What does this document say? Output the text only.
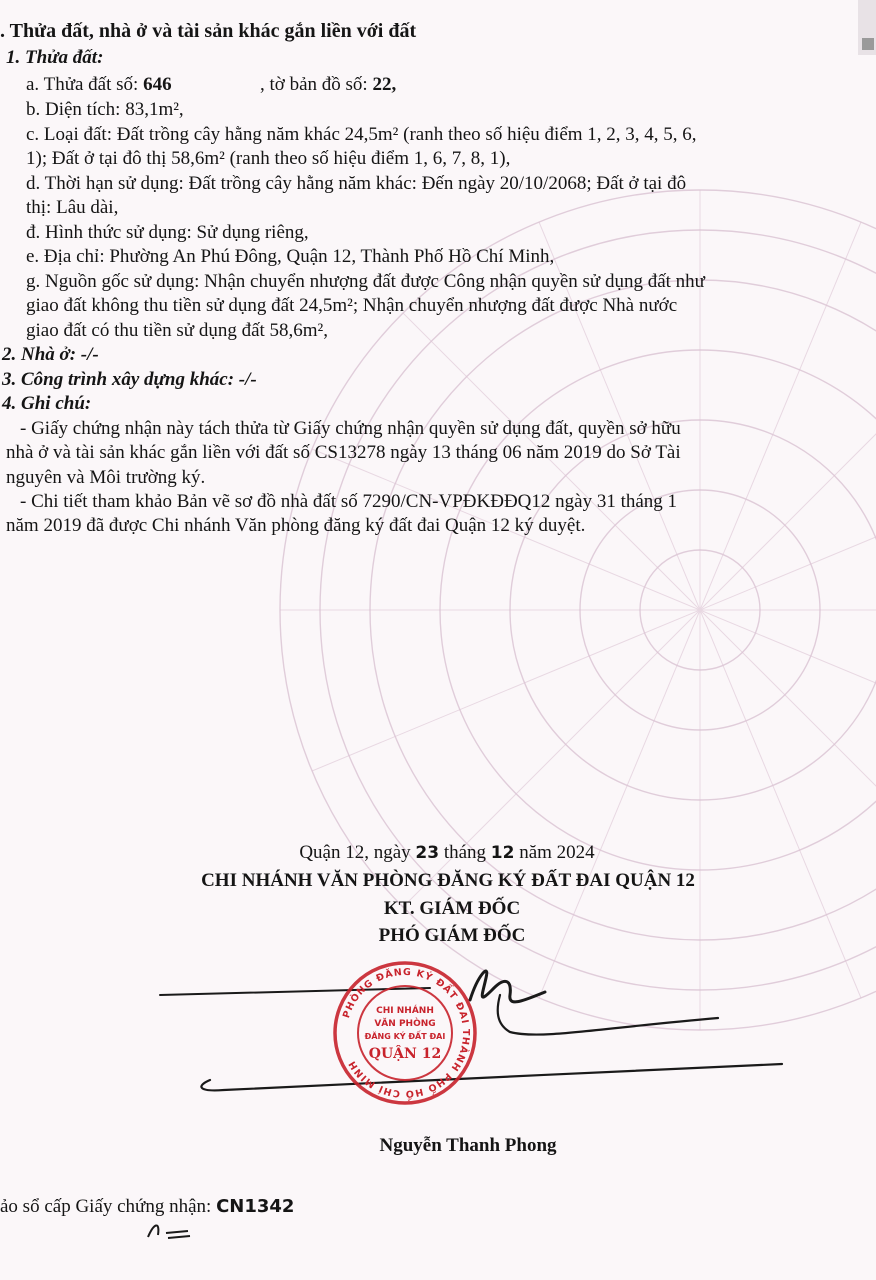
. Thửa đất, nhà ở và tài sản khác gắn liền với đất
1. Thửa đất:
a. Thửa đất số: 646	, tờ bản đồ số: 22,
b. Diện tích: 83,1m²,
c. Loại đất: Đất trồng cây hằng năm khác 24,5m² (ranh theo số hiệu điểm 1, 2, 3, 4, 5, 6,
1); Đất ở tại đô thị 58,6m² (ranh theo số hiệu điểm 1, 6, 7, 8, 1),
d. Thời hạn sử dụng: Đất trồng cây hằng năm khác: Đến ngày 20/10/2068; Đất ở tại đô
thị: Lâu dài,
đ. Hình thức sử dụng: Sử dụng riêng,
e. Địa chỉ: Phường An Phú Đông, Quận 12, Thành Phố Hồ Chí Minh,
g. Nguồn gốc sử dụng: Nhận chuyển nhượng đất được Công nhận quyền sử dụng đất như
giao đất không thu tiền sử dụng đất 24,5m²; Nhận chuyển nhượng đất được Nhà nước
giao đất có thu tiền sử dụng đất 58,6m²,
2. Nhà ở: -/-
3. Công trình xây dựng khác: -/-
4. Ghi chú:
- Giấy chứng nhận này tách thửa từ Giấy chứng nhận quyền sử dụng đất, quyền sở hữu
nhà ở và tài sản khác gắn liền với đất số CS13278 ngày 13 tháng 06 năm 2019 do Sở Tài
nguyên và Môi trường ký.
- Chi tiết tham khảo Bản vẽ sơ đồ nhà đất số 7290/CN-VPĐKĐĐQ12 ngày 31 tháng 1
năm 2019 đã được Chi nhánh Văn phòng đăng ký đất đai Quận 12 ký duyệt.
Quận 12, ngày 23 tháng 12 năm 2024
CHI NHÁNH VĂN PHÒNG ĐĂNG KÝ ĐẤT ĐAI QUẬN 12
KT. GIÁM ĐỐC
PHÓ GIÁM ĐỐC
PHÒNG ĐĂNG KÝ ĐẤT ĐAI THÀNH PHỐ HỒ CHÍ MINH
CHI NHÁNH
VĂN PHÒNG
ĐĂNG KÝ ĐẤT ĐAI
QUẬN 12
Nguyễn Thanh Phong
ảo sổ cấp Giấy chứng nhận: CN1342
